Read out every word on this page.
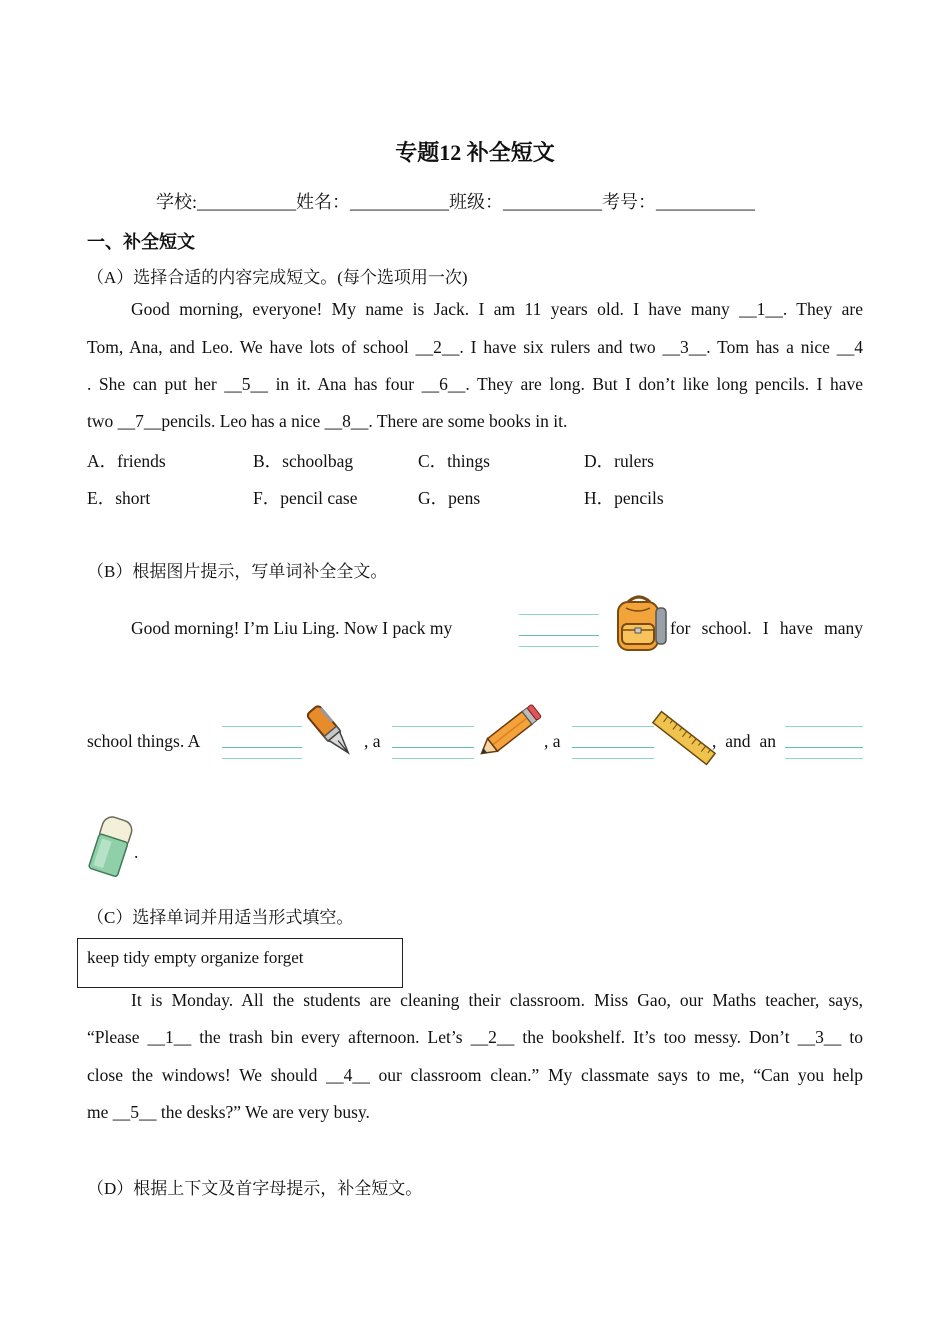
专题12 补全短文
学校:___________姓名：___________班级：___________考号：___________
一、补全短文
（A）选择合适的内容完成短文。(每个选项用一次)
Good morning, everyone! My name is Jack. I am 11 years old. I have many __1__. They are
Tom, Ana, and Leo. We have lots of school __2__. I have six rulers and two __3__. Tom has a nice __4
. She can put her __5__ in it. Ana has four __6__. They are long. But I don’t like long pencils. I have
two __7__pencils. Leo has a nice __8__. There are some books in it.
A．friends	B．schoolbag	C．things	D．rulers
E．short	F．pencil case	G．pens	H．pencils
（B）根据图片提示，写单词补全全文。
Good morning! I’m Liu Ling. Now I pack my	for school. I have many
school things. A	, a	, a	, and an
.
（C）选择单词并用适当形式填空。
keep tidy empty organize forget
It is Monday. All the students are cleaning their classroom. Miss Gao, our Maths teacher, says,
“Please __1__ the trash bin every afternoon. Let’s __2__ the bookshelf. It’s too messy. Don’t __3__ to
close the windows! We should __4__ our classroom clean.” My classmate says to me, “Can you help
me __5__ the desks?” We are very busy.
（D）根据上下文及首字母提示，补全短文。
